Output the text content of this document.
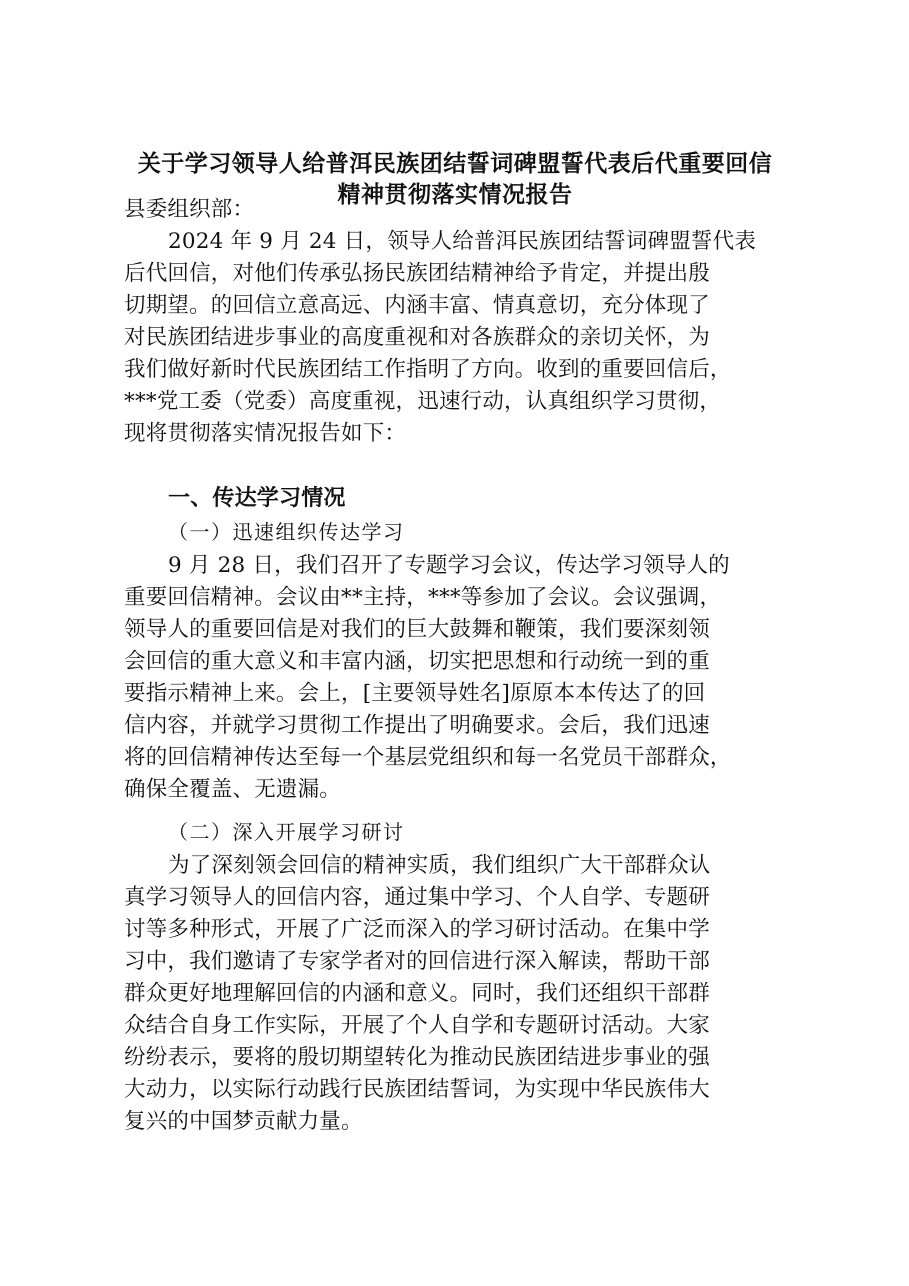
关于学习领导人给普洱民族团结誓词碑盟誓代表后代重要回信
精神贯彻落实情况报告
县委组织部：
2024 年 9 月 24 日，领导人给普洱民族团结誓词碑盟誓代表
后代回信，对他们传承弘扬民族团结精神给予肯定，并提出殷
切期望。的回信立意高远、内涵丰富、情真意切，充分体现了
对民族团结进步事业的高度重视和对各族群众的亲切关怀，为
我们做好新时代民族团结工作指明了方向。收到的重要回信后，
***党工委（党委）高度重视，迅速行动，认真组织学习贯彻，
现将贯彻落实情况报告如下：
一、传达学习情况
（一）迅速组织传达学习
9 月 28 日，我们召开了专题学习会议，传达学习领导人的
重要回信精神。会议由**主持，***等参加了会议。会议强调，
领导人的重要回信是对我们的巨大鼓舞和鞭策，我们要深刻领
会回信的重大意义和丰富内涵，切实把思想和行动统一到的重
要指示精神上来。会上，[主要领导姓名]原原本本传达了的回
信内容，并就学习贯彻工作提出了明确要求。会后，我们迅速
将的回信精神传达至每一个基层党组织和每一名党员干部群众，
确保全覆盖、无遗漏。
（二）深入开展学习研讨
为了深刻领会回信的精神实质，我们组织广大干部群众认
真学习领导人的回信内容，通过集中学习、个人自学、专题研
讨等多种形式，开展了广泛而深入的学习研讨活动。在集中学
习中，我们邀请了专家学者对的回信进行深入解读，帮助干部
群众更好地理解回信的内涵和意义。同时，我们还组织干部群
众结合自身工作实际，开展了个人自学和专题研讨活动。大家
纷纷表示，要将的殷切期望转化为推动民族团结进步事业的强
大动力，以实际行动践行民族团结誓词，为实现中华民族伟大
复兴的中国梦贡献力量。
